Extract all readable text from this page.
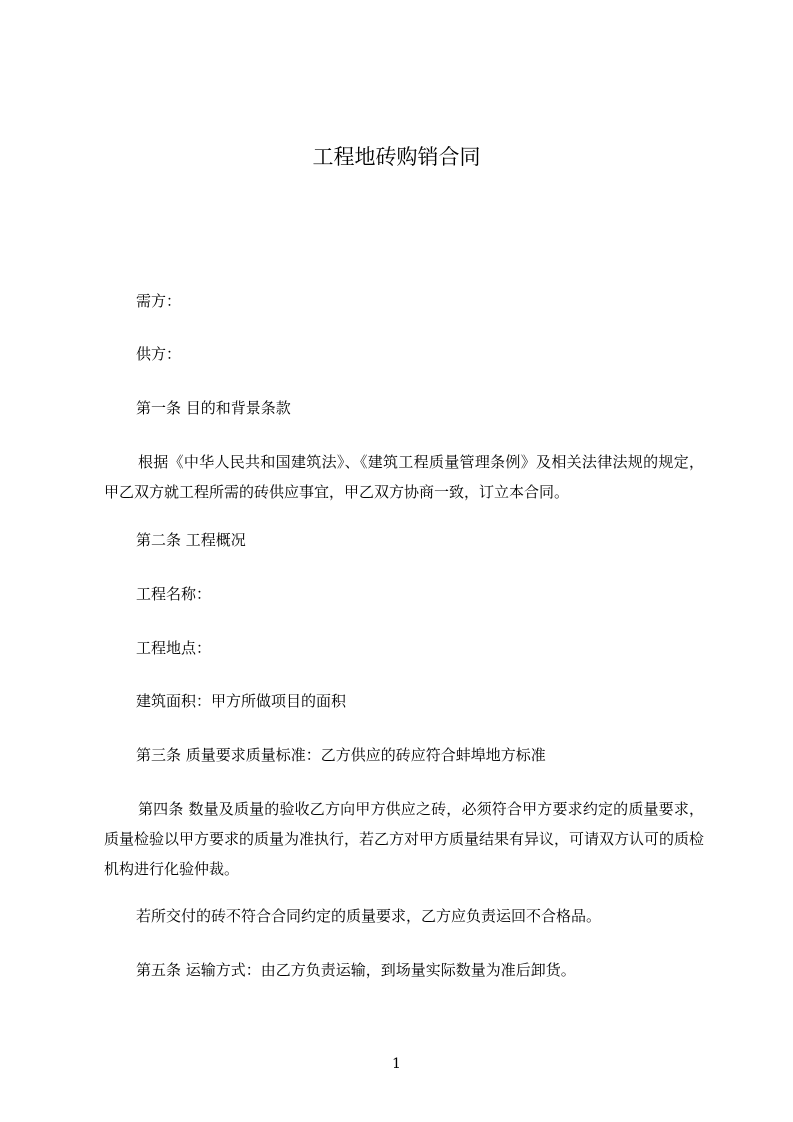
工程地砖购销合同

需方：

供方：

第一条 目的和背景条款

根据《中华人民共和国建筑法》、《建筑工程质量管理条例》及相关法律法规的规定，甲乙双方就工程所需的砖供应事宜，甲乙双方协商一致，订立本合同。

第二条 工程概况

工程名称：

工程地点：

建筑面积：甲方所做项目的面积

第三条 质量要求质量标准：乙方供应的砖应符合蚌埠地方标准

第四条 数量及质量的验收乙方向甲方供应之砖，必须符合甲方要求约定的质量要求，质量检验以甲方要求的质量为准执行，若乙方对甲方质量结果有异议，可请双方认可的质检机构进行化验仲裁。

若所交付的砖不符合合同约定的质量要求，乙方应负责运回不合格品。

第五条 运输方式：由乙方负责运输，到场量实际数量为准后卸货。

1
